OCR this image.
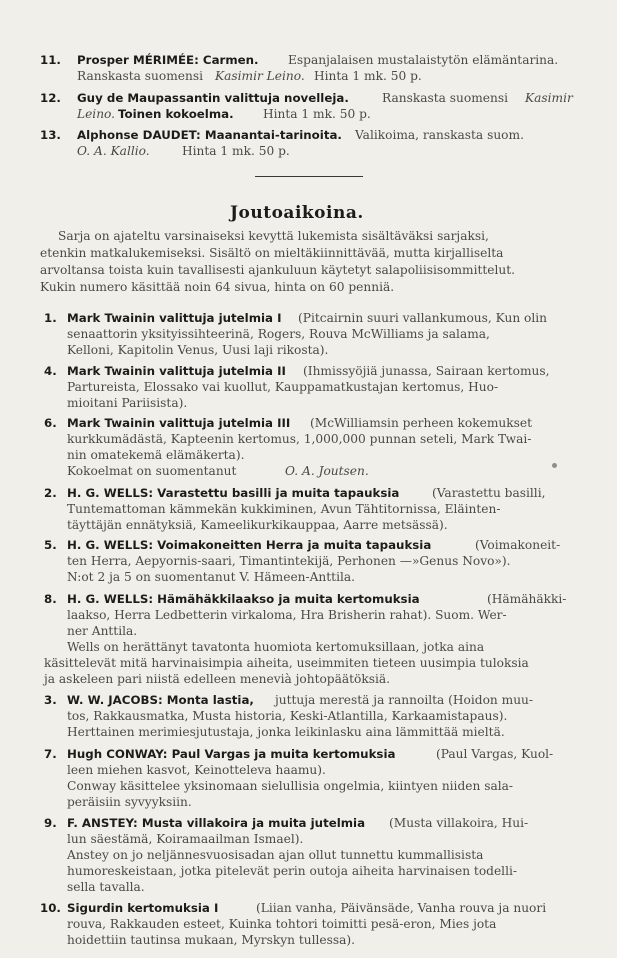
11. Prosper MÉRIMÉE: Carmen. Espanjalaisen mustalaistytön elämäntarina.
Ranskasta suomensi Kasimir Leino. Hinta 1 mk. 50 p.
12. Guy de Maupassantin valittuja novelleja.	Ranskasta suomensi Kasimir
Leino. Toinen kokoelma. Hinta 1 mk. 50 p.
13. Alphonse DAUDET: Maanantai-tarinoita. Valikoima, ranskasta suom.
O. A. Kallio.	Hinta 1 mk. 50 p.
Joutoaikoina.
Sarja on ajateltu varsinaiseksi kevyttä lukemista sisältäväksi sarjaksi,
etenkin matkalukemiseksi. Sisältö on mieltäkiinnittävää, mutta kirjalliselta
arvoltansa toista kuin tavallisesti ajankuluun käytetyt salapoliisisommittelut.
Kukin numero käsittää noin 64 sivua, hinta on 60 penniä.
1. Mark Twainin valittuja jutelmia I (Pitcairnin suuri vallankumous, Kun olin
senaattorin yksityissihteerinä, Rogers, Rouva McWilliams ja salama,
Kelloni, Kapitolin Venus, Uusi laji rikosta).
4. Mark Twainin valittuja jutelmia II (Ihmissyöjiä junassa, Sairaan kertomus,
Partureista, Elossako vai kuollut, Kauppamatkustajan kertomus, Huo-
mioitani Pariisista).
6. Mark Twainin valittuja jutelmia III (McWilliamsin perheen kokemukset
kurkkumädästä, Kapteenin kertomus, 1,000,000 punnan seteli, Mark Twai-
nin omatekemä elämäkerta).
Kokoelmat on suomentanut	O. A. Joutsen.
2. H. G. WELLS: Varastettu basilli ja muita tapauksia	(Varastettu basilli,
Tuntemattoman kämmekän kukkiminen, Avun Tähtitornissa, Eläinten-
täyttäjän ennätyksiä, Kameelikurkikauppaa, Aarre metsässä).
5. H. G. WELLS: Voimakoneitten Herra ja muita tapauksia	(Voimakoneit-
ten Herra, Aepyornis-saari, Timantintekijä, Perhonen —»Genus Novo»).
N:ot 2 ja 5 on suomentanut V. Hämeen-Anttila.
8. H. G. WELLS: Hämähäkkilaakso ja muita kertomuksia	(Hämähäkki-
laakso, Herra Ledbetterin virkaloma, Hra Brisherin rahat). Suom. Wer-
ner Anttila.
Wells on herättänyt tavatonta huomiota kertomuksillaan, jotka aina
käsittelevät mitä harvinaisimpia aiheita, useimmiten tieteen uusimpia tuloksia
ja askeleen pari niistä edelleen menevià johtopäätöksiä.
3. W. W. JACOBS: Monta lastia, juttuja merestä ja rannoilta (Hoidon muu-
tos, Rakkausmatka, Musta historia, Keski-Atlantilla, Karkaamistapaus).
Herttainen merimiesjutustaja, jonka leikinlasku aina lämmittää mieltä.
7. Hugh CONWAY: Paul Vargas ja muita kertomuksia	(Paul Vargas, Kuol-
leen miehen kasvot, Keinotteleva haamu).
Conway käsittelee yksinomaan sielullisia ongelmia, kiintyen niiden sala-
peräisiin syvyyksiin.
9. F. ANSTEY: Musta villakoira ja muita jutelmia (Musta villakoira, Hui-
lun säestämä, Koiramaailman Ismael).
Anstey on jo neljännesvuosisadan ajan ollut tunnettu kummallisista
humoreskeistaan, jotka pitelevät perin outoja aiheita harvinaisen todelli-
sella tavalla.
10. Sigurdin kertomuksia I	(Liian vanha, Päivänsäde, Vanha rouva ja nuori
rouva, Rakkauden esteet, Kuinka tohtori toimitti pesä-eron, Mies jota
hoidettiin tautinsa mukaan, Myrskyn tullessa).
